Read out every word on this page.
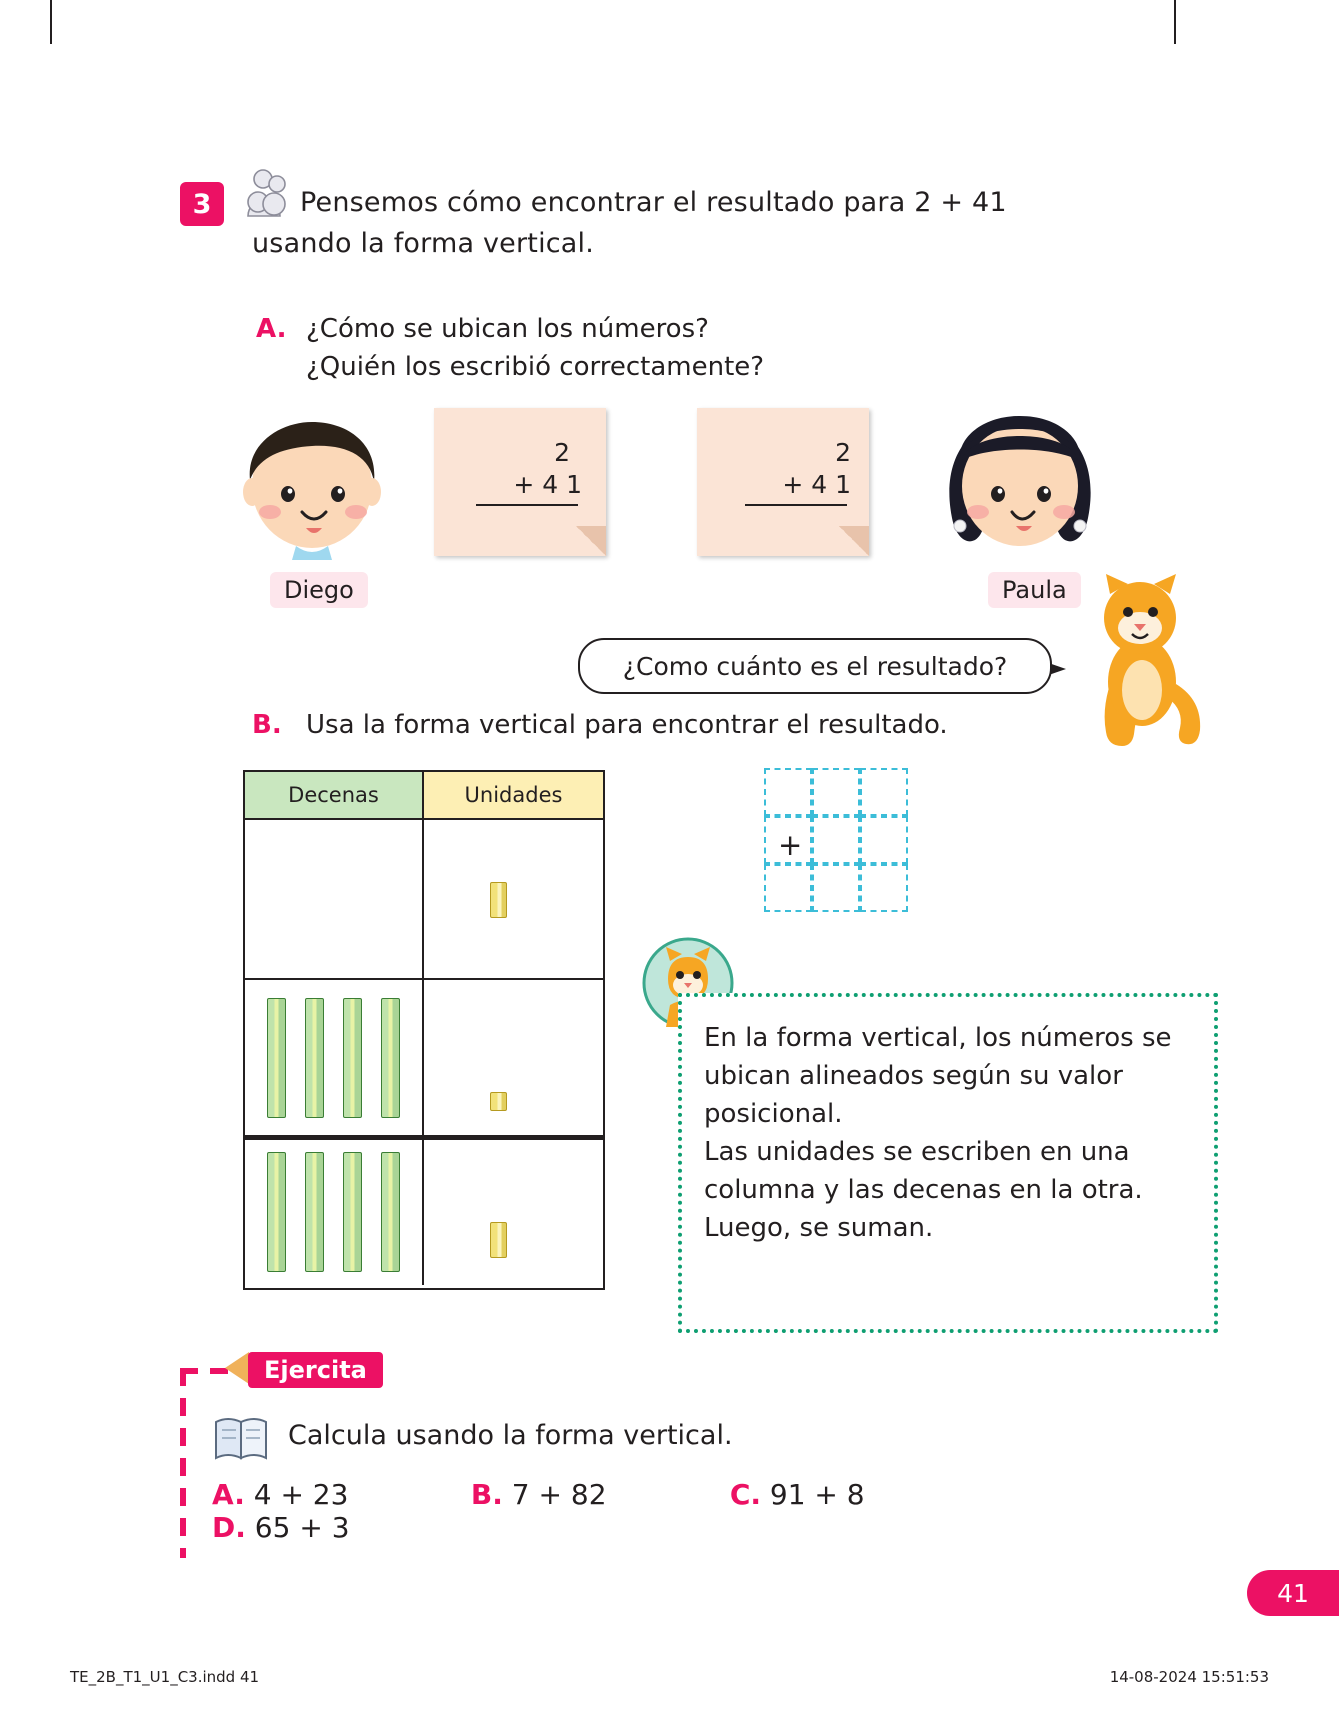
3	Pensemos cómo encontrar el resultado para 2 + 41 usando la forma vertical.
A. ¿Cómo se ubican los números?
¿Quién los escribió correctamente?
2
+ 4 1
2
+ 4 1
Diego	Paula
¿Como cuánto es el resultado?
B. Usa la forma vertical para encontrar el resultado.
Decenas	Unidades
+
En la forma vertical, los números se ubican alineados según su valor posicional.
Las unidades se escriben en una columna y las decenas en la otra.
Luego, se suman.
Ejercita
Calcula usando la forma vertical.
A. 4 + 23	B. 7 + 82	C. 91 + 8 D. 65 + 3
41
TE_2B_T1_U1_C3.indd 41	14-08-2024 15:51:53
